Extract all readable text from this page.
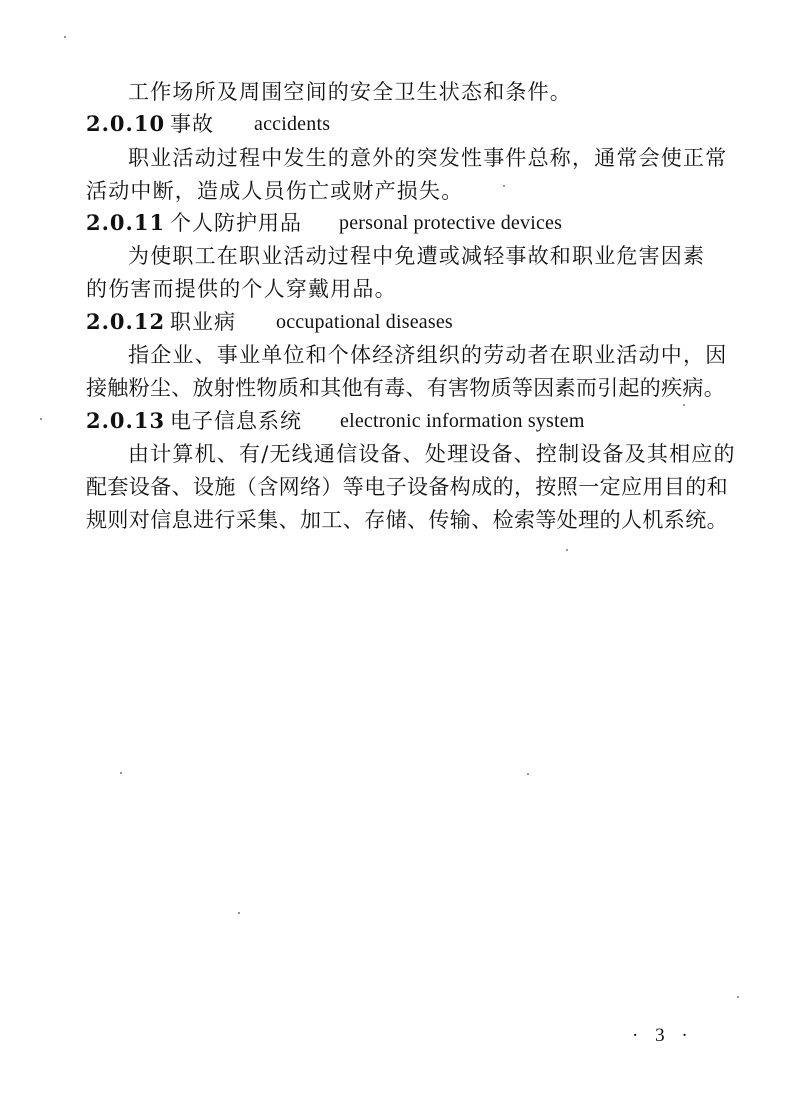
工作场所及周围空间的安全卫生状态和条件。
2.0.10 事故 accidents
职业活动过程中发生的意外的突发性事件总称，通常会使正常
活动中断，造成人员伤亡或财产损失。
2.0.11 个人防护用品 personal protective devices
为使职工在职业活动过程中免遭或减轻事故和职业危害因素
的伤害而提供的个人穿戴用品。
2.0.12 职业病 occupational diseases
指企业、事业单位和个体经济组织的劳动者在职业活动中，因
接触粉尘、放射性物质和其他有毒、有害物质等因素而引起的疾病。
2.0.13 电子信息系统 electronic information system
由计算机、有/无线通信设备、处理设备、控制设备及其相应的
配套设备、设施（含网络）等电子设备构成的，按照一定应用目的和
规则对信息进行采集、加工、存储、传输、检索等处理的人机系统。
· 3 ·
